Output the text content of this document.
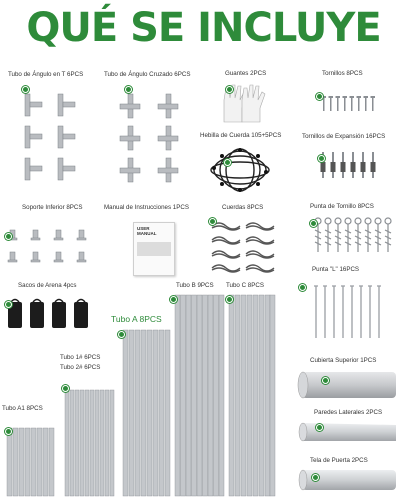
QUÉ SE INCLUYE
Tubo de Ángulo en T 6PCS	Tubo de Ángulo Cruzado 6PCS	Guantes 2PCS	Tornillos 8PCS
Hebilla de Cuerda 105+5PCS	Tornillos de Expansión 16PCS
Soporte Inferior 8PCS	Manual de Instrucciones 1PCS	Cuerdas 8PCS	Punta de Tornillo 8PCS
Punta "L" 16PCS
Sacos de Arena 4pcs	Tubo B 9PCS Tubo C 8PCS
Tubo A 8PCS
Tubo 1# 6PCS
Tubo 2# 6PCS
Cubierta Superior 1PCS
Tubo A1 8PCS
Paredes Laterales 2PCS
Tela de Puerta 2PCS
USER
MANUAL
